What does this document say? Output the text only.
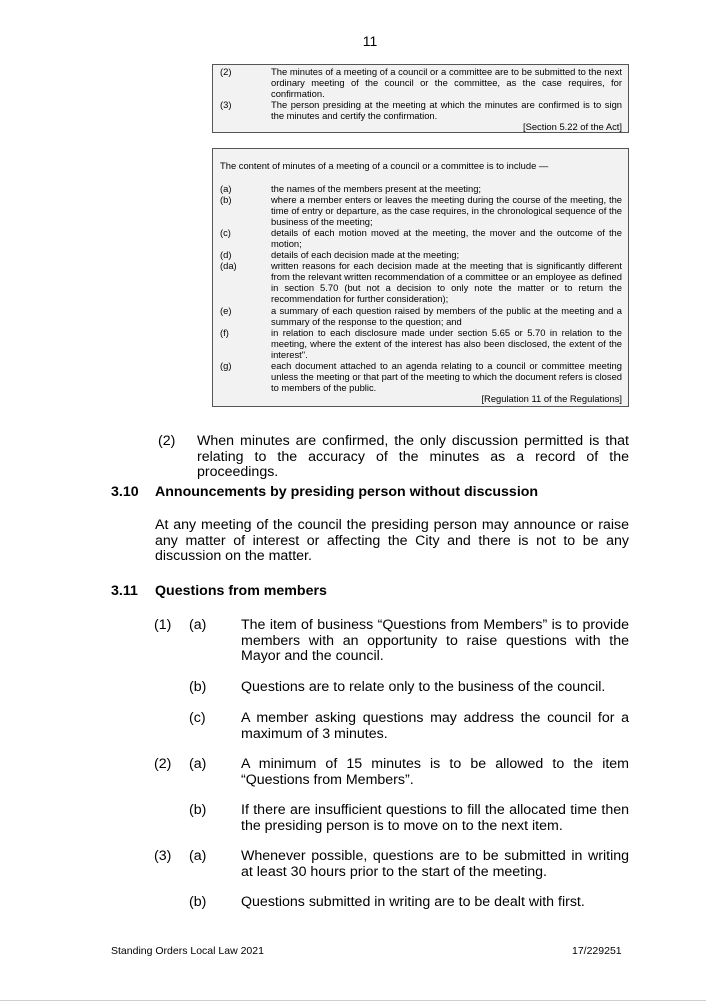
11
(2)	The minutes of a meeting of a council or a committee are to be submitted to the next ordinary meeting of the council or the committee, as the case requires, for confirmation.
(3)	The person presiding at the meeting at which the minutes are confirmed is to sign the minutes and certify the confirmation.
[Section 5.22 of the Act]
The content of minutes of a meeting of a council or a committee is to include —
(a)	the names of the members present at the meeting;
(b)	where a member enters or leaves the meeting during the course of the meeting, the time of entry or departure, as the case requires, in the chronological sequence of the business of the meeting;
(c)	details of each motion moved at the meeting, the mover and the outcome of the motion;
(d)	details of each decision made at the meeting;
(da)	written reasons for each decision made at the meeting that is significantly different from the relevant written recommendation of a committee or an employee as defined in section 5.70 (but not a decision to only note the matter or to return the recommendation for further consideration);
(e)	a summary of each question raised by members of the public at the meeting and a summary of the response to the question; and
(f)	in relation to each disclosure made under section 5.65 or 5.70 in relation to the meeting, where the extent of the interest has also been disclosed, the extent of the interest".
(g)	each document attached to an agenda relating to a council or committee meeting unless the meeting or that part of the meeting to which the document refers is closed to members of the public.
[Regulation 11 of the Regulations]
(2) When minutes are confirmed, the only discussion permitted is that relating to the accuracy of the minutes as a record of the proceedings.
3.10 Announcements by presiding person without discussion
At any meeting of the council the presiding person may announce or raise any matter of interest or affecting the City and there is not to be any discussion on the matter.
3.11 Questions from members
(1) (a) The item of business “Questions from Members” is to provide members with an opportunity to raise questions with the Mayor and the council.
(b) Questions are to relate only to the business of the council.
(c) A member asking questions may address the council for a maximum of 3 minutes.
(2) (a) A minimum of 15 minutes is to be allowed to the item “Questions from Members”.
(b) If there are insufficient questions to fill the allocated time then the presiding person is to move on to the next item.
(3) (a) Whenever possible, questions are to be submitted in writing at least 30 hours prior to the start of the meeting.
(b) Questions submitted in writing are to be dealt with first.
Standing Orders Local Law 2021	17/229251
